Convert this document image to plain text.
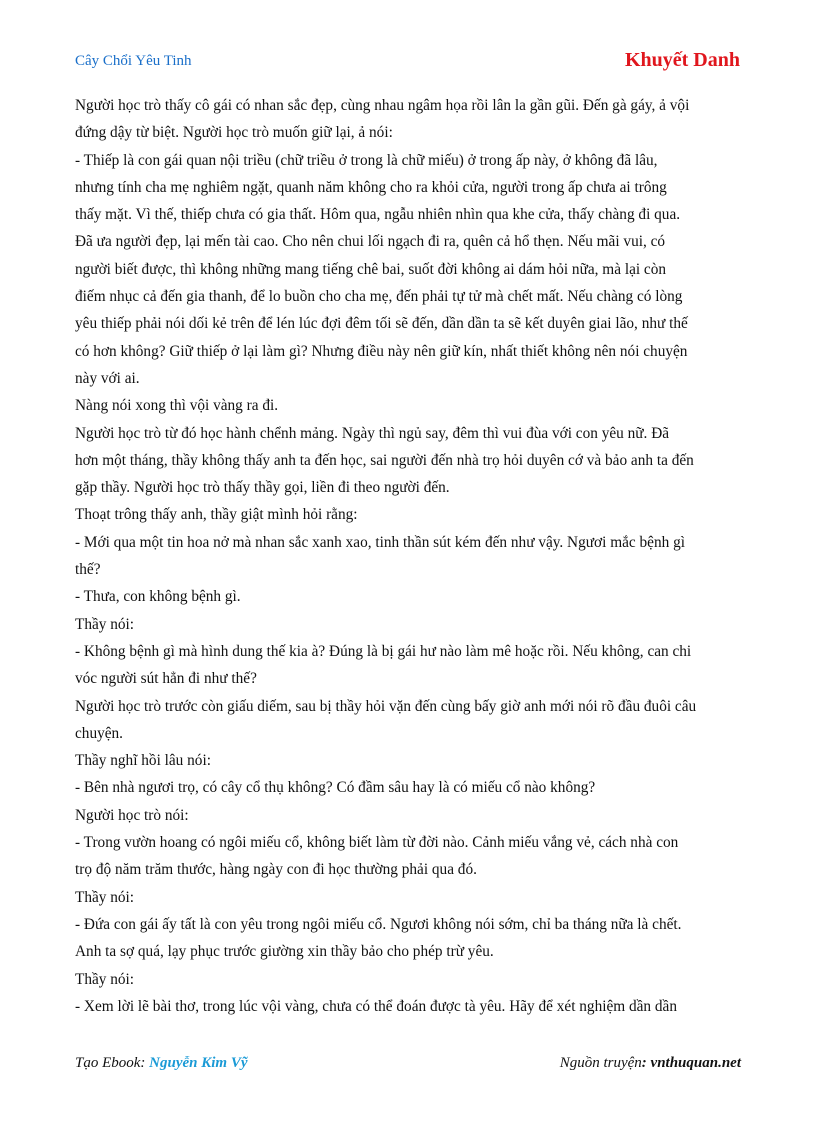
Cây Chổi Yêu Tinh	Khuyết Danh
Người học trò thấy cô gái có nhan sắc đẹp, cùng nhau ngâm họa rồi lân la gần gũi. Đến gà gáy, ả vội
đứng dậy từ biệt. Người học trò muốn giữ lại, ả nói:
- Thiếp là con gái quan nội triều (chữ triều ở trong là chữ miếu) ở trong ấp này, ở không đã lâu,
nhưng tính cha mẹ nghiêm ngặt, quanh năm không cho ra khỏi cửa, người trong ấp chưa ai trông
thấy mặt. Vì thế, thiếp chưa có gia thất. Hôm qua, ngẫu nhiên nhìn qua khe cửa, thấy chàng đi qua.
Đã ưa người đẹp, lại mến tài cao. Cho nên chui lối ngạch đi ra, quên cả hổ thẹn. Nếu mãi vui, có
người biết được, thì không những mang tiếng chê bai, suốt đời không ai dám hỏi nữa, mà lại còn
điếm nhục cả đến gia thanh, để lo buồn cho cha mẹ, đến phải tự tử mà chết mất. Nếu chàng có lòng
yêu thiếp phải nói dối kẻ trên để lén lúc đợi đêm tối sẽ đến, dần dần ta sẽ kết duyên giai lão, như thế
có hơn không? Giữ thiếp ở lại làm gì? Nhưng điều này nên giữ kín, nhất thiết không nên nói chuyện
này với ai.
Nàng nói xong thì vội vàng ra đi.
Người học trò từ đó học hành chểnh mảng. Ngày thì ngủ say, đêm thì vui đùa với con yêu nữ. Đã
hơn một tháng, thầy không thấy anh ta đến học, sai người đến nhà trọ hỏi duyên cớ và bảo anh ta đến
gặp thầy. Người học trò thấy thầy gọi, liền đi theo người đến.
Thoạt trông thấy anh, thầy giật mình hỏi rằng:
- Mới qua một tin hoa nở mà nhan sắc xanh xao, tinh thần sút kém đến như vậy. Ngươi mắc bệnh gì
thế?
- Thưa, con không bệnh gì.
Thầy nói:
- Không bệnh gì mà hình dung thế kia à? Đúng là bị gái hư nào làm mê hoặc rồi. Nếu không, can chi
vóc người sút hẳn đi như thế?
Người học trò trước còn giấu diếm, sau bị thầy hỏi vặn đến cùng bấy giờ anh mới nói rõ đầu đuôi câu
chuyện.
Thầy nghĩ hồi lâu nói:
- Bên nhà ngươi trọ, có cây cổ thụ không? Có đầm sâu hay là có miếu cổ nào không?
Người học trò nói:
- Trong vườn hoang có ngôi miếu cổ, không biết làm từ đời nào. Cảnh miếu vắng vẻ, cách nhà con
trọ độ năm trăm thước, hàng ngày con đi học thường phải qua đó.
Thầy nói:
- Đứa con gái ấy tất là con yêu trong ngôi miếu cổ. Ngươi không nói sớm, chỉ ba tháng nữa là chết.
Anh ta sợ quá, lạy phục trước giường xin thầy bảo cho phép trừ yêu.
Thầy nói:
- Xem lời lẽ bài thơ, trong lúc vội vàng, chưa có thể đoán được tà yêu. Hãy để xét nghiệm dần dần
Tạo Ebook: Nguyễn Kim Vỹ	Nguồn truyện: vnthuquan.net
